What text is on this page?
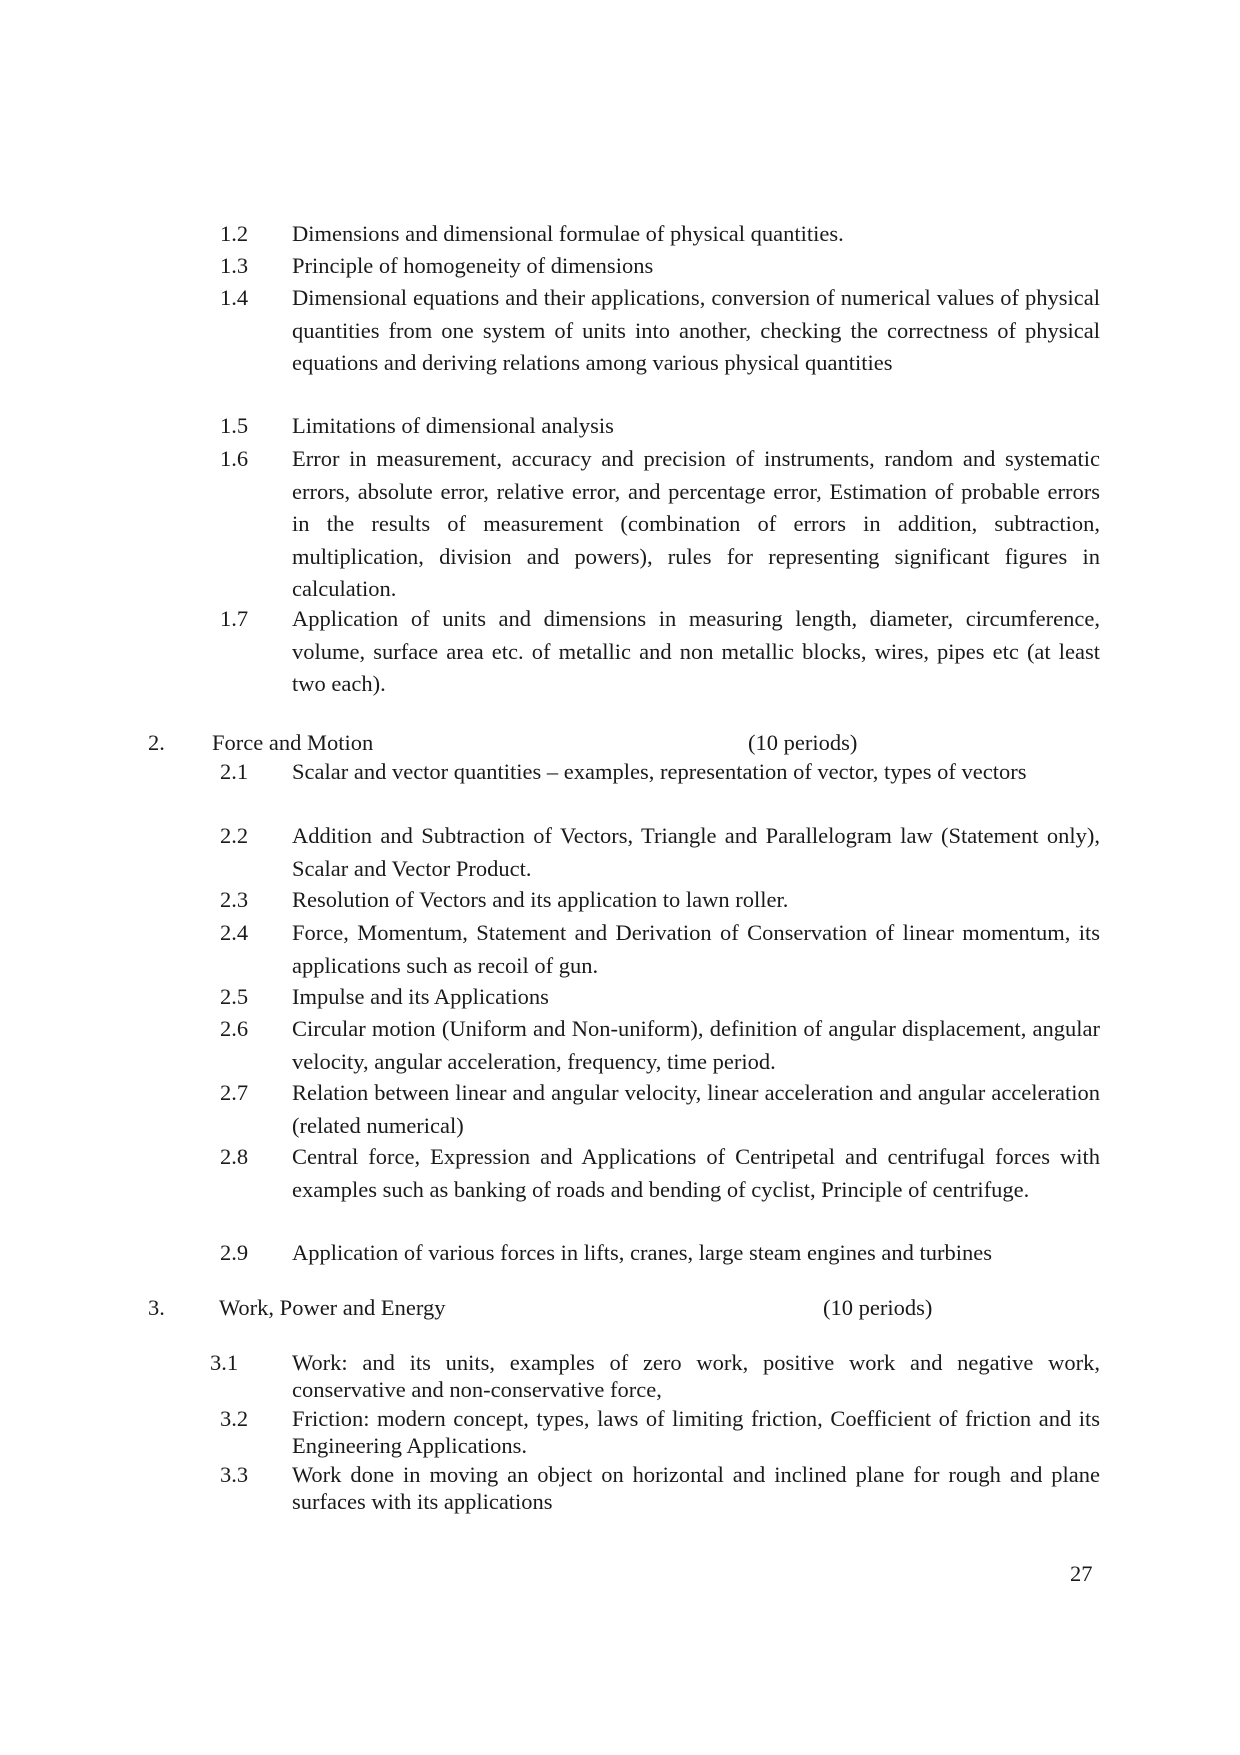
1.2 Dimensions and dimensional formulae of physical quantities.
1.3 Principle of homogeneity of dimensions
1.4 Dimensional equations and their applications, conversion of numerical values of physical quantities from one system of units into another, checking the correctness of physical equations and deriving relations among various physical quantities
1.5 Limitations of dimensional analysis
1.6 Error in measurement, accuracy and precision of instruments, random and systematic errors, absolute error, relative error, and percentage error, Estimation of probable errors in the results of measurement (combination of errors in addition, subtraction, multiplication, division and powers), rules for representing significant figures in calculation.
1.7 Application of units and dimensions in measuring length, diameter, circumference, volume, surface area etc. of metallic and non metallic blocks, wires, pipes etc (at least two each).
2. Force and Motion	(10 periods)
2.1 Scalar and vector quantities – examples, representation of vector, types of vectors
2.2 Addition and Subtraction of Vectors, Triangle and Parallelogram law (Statement only), Scalar and Vector Product.
2.3 Resolution of Vectors and its application to lawn roller.
2.4 Force, Momentum, Statement and Derivation of Conservation of linear momentum, its applications such as recoil of gun.
2.5 Impulse and its Applications
2.6 Circular motion (Uniform and Non-uniform), definition of angular displacement, angular velocity, angular acceleration, frequency, time period.
2.7 Relation between linear and angular velocity, linear acceleration and angular acceleration (related numerical)
2.8 Central force, Expression and Applications of Centripetal and centrifugal forces with examples such as banking of roads and bending of cyclist, Principle of centrifuge.
2.9 Application of various forces in lifts, cranes, large steam engines and turbines
3. Work, Power and Energy	(10 periods)
3.1 Work: and its units, examples of zero work, positive work and negative work, conservative and non-conservative force,
3.2 Friction: modern concept, types, laws of limiting friction, Coefficient of friction and its Engineering Applications.
3.3 Work done in moving an object on horizontal and inclined plane for rough and plane surfaces with its applications
27
